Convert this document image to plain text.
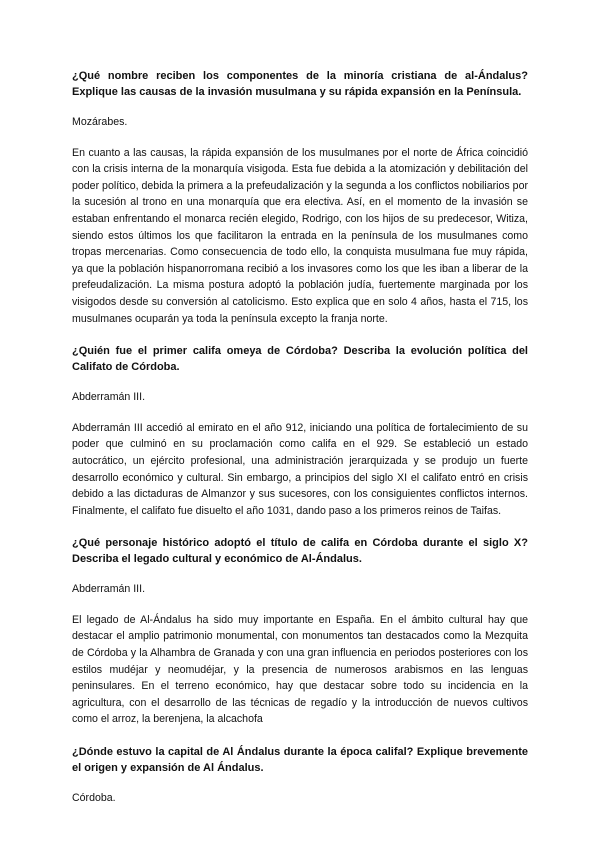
¿Qué nombre reciben los componentes de la minoría cristiana de al-Ándalus? Explique las causas de la invasión musulmana y su rápida expansión en la Península.

Mozárabes.

En cuanto a las causas, la rápida expansión de los musulmanes por el norte de África coincidió con la crisis interna de la monarquía visigoda. Esta fue debida a la atomización y debilitación del poder político, debida la primera a la prefeudalización y la segunda a los conflictos nobiliarios por la sucesión al trono en una monarquía que era electiva. Así, en el momento de la invasión se estaban enfrentando el monarca recién elegido, Rodrigo, con los hijos de su predecesor, Witiza, siendo estos últimos los que facilitaron la entrada en la península de los musulmanes como tropas mercenarias. Como consecuencia de todo ello, la conquista musulmana fue muy rápida, ya que la población hispanorromana recibió a los invasores como los que les iban a liberar de la prefeudalización. La misma postura adoptó la población judía, fuertemente marginada por los visigodos desde su conversión al catolicismo. Esto explica que en solo 4 años, hasta el 715, los musulmanes ocuparán ya toda la península excepto la franja norte.

¿Quién fue el primer califa omeya de Córdoba? Describa la evolución política del Califato de Córdoba.

Abderramán III.

Abderramán III accedió al emirato en el año 912, iniciando una política de fortalecimiento de su poder que culminó en su proclamación como califa en el 929. Se estableció un estado autocrático, un ejército profesional, una administración jerarquizada y se produjo un fuerte desarrollo económico y cultural. Sin embargo, a principios del siglo XI el califato entró en crisis debido a las dictaduras de Almanzor y sus sucesores, con los consiguientes conflictos internos. Finalmente, el califato fue disuelto el año 1031, dando paso a los primeros reinos de Taifas.

¿Qué personaje histórico adoptó el título de califa en Córdoba durante el siglo X? Describa el legado cultural y económico de Al-Ándalus.

Abderramán III.

El legado de Al-Ándalus ha sido muy importante en España. En el ámbito cultural hay que destacar el amplio patrimonio monumental, con monumentos tan destacados como la Mezquita de Córdoba y la Alhambra de Granada y con una gran influencia en periodos posteriores con los estilos mudéjar y neomudéjar, y la presencia de numerosos arabismos en las lenguas peninsulares. En el terreno económico, hay que destacar sobre todo su incidencia en la agricultura, con el desarrollo de las técnicas de regadío y la introducción de nuevos cultivos como el arroz, la berenjena, la alcachofa

¿Dónde estuvo la capital de Al Ándalus durante la época califal? Explique brevemente el origen y expansión de Al Ándalus.

Córdoba.
